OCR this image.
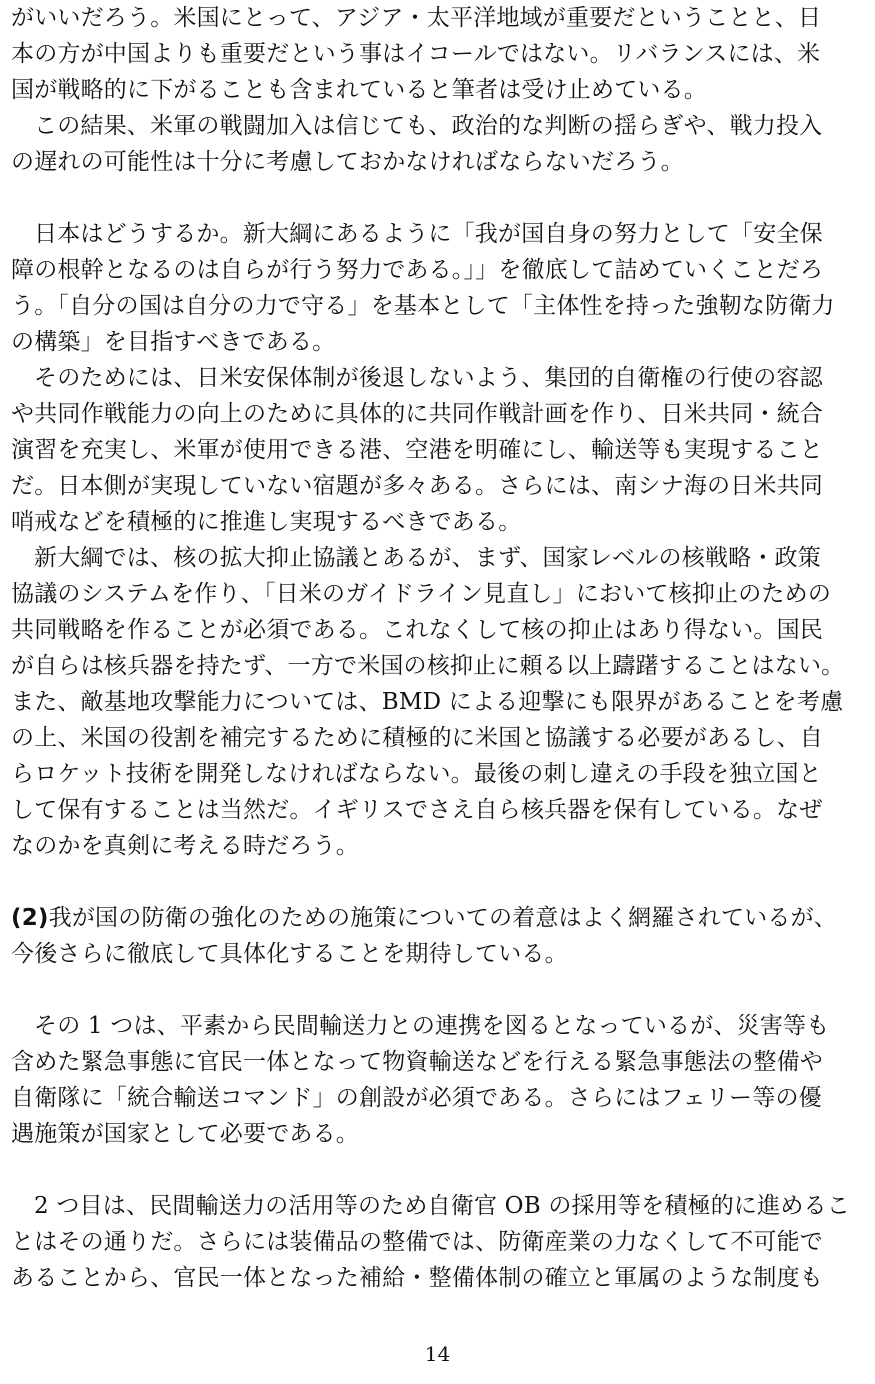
がいいだろう。米国にとって、アジア・太平洋地域が重要だということと、日
本の方が中国よりも重要だという事はイコールではない。リバランスには、米
国が戦略的に下がることも含まれていると筆者は受け止めている。
この結果、米軍の戦闘加入は信じても、政治的な判断の揺らぎや、戦力投入
の遅れの可能性は十分に考慮しておかなければならないだろう。
日本はどうするか。新大綱にあるように「我が国自身の努力として「安全保
障の根幹となるのは自らが行う努力である。」」を徹底して詰めていくことだろ
う。「自分の国は自分の力で守る」を基本として「主体性を持った強靭な防衛力
の構築」を目指すべきである。
そのためには、日米安保体制が後退しないよう、集団的自衛権の行使の容認
や共同作戦能力の向上のために具体的に共同作戦計画を作り、日米共同・統合
演習を充実し、米軍が使用できる港、空港を明確にし、輸送等も実現すること
だ。日本側が実現していない宿題が多々ある。さらには、南シナ海の日米共同
哨戒などを積極的に推進し実現するべきである。
新大綱では、核の拡大抑止協議とあるが、まず、国家レベルの核戦略・政策
協議のシステムを作り、「日米のガイドライン見直し」において核抑止のための
共同戦略を作ることが必須である。これなくして核の抑止はあり得ない。国民
が自らは核兵器を持たず、一方で米国の核抑止に頼る以上躊躇することはない。
また、敵基地攻撃能力については、BMD による迎撃にも限界があることを考慮
の上、米国の役割を補完するために積極的に米国と協議する必要があるし、自
らロケット技術を開発しなければならない。最後の刺し違えの手段を独立国と
して保有することは当然だ。イギリスでさえ自ら核兵器を保有している。なぜ
なのかを真剣に考える時だろう。
(2)我が国の防衛の強化のための施策についての着意はよく網羅されているが、
今後さらに徹底して具体化することを期待している。
その 1 つは、平素から民間輸送力との連携を図るとなっているが、災害等も
含めた緊急事態に官民一体となって物資輸送などを行える緊急事態法の整備や
自衛隊に「統合輸送コマンド」の創設が必須である。さらにはフェリー等の優
遇施策が国家として必要である。
2 つ目は、民間輸送力の活用等のため自衛官 OB の採用等を積極的に進めるこ
とはその通りだ。さらには装備品の整備では、防衛産業の力なくして不可能で
あることから、官民一体となった補給・整備体制の確立と軍属のような制度も
14
